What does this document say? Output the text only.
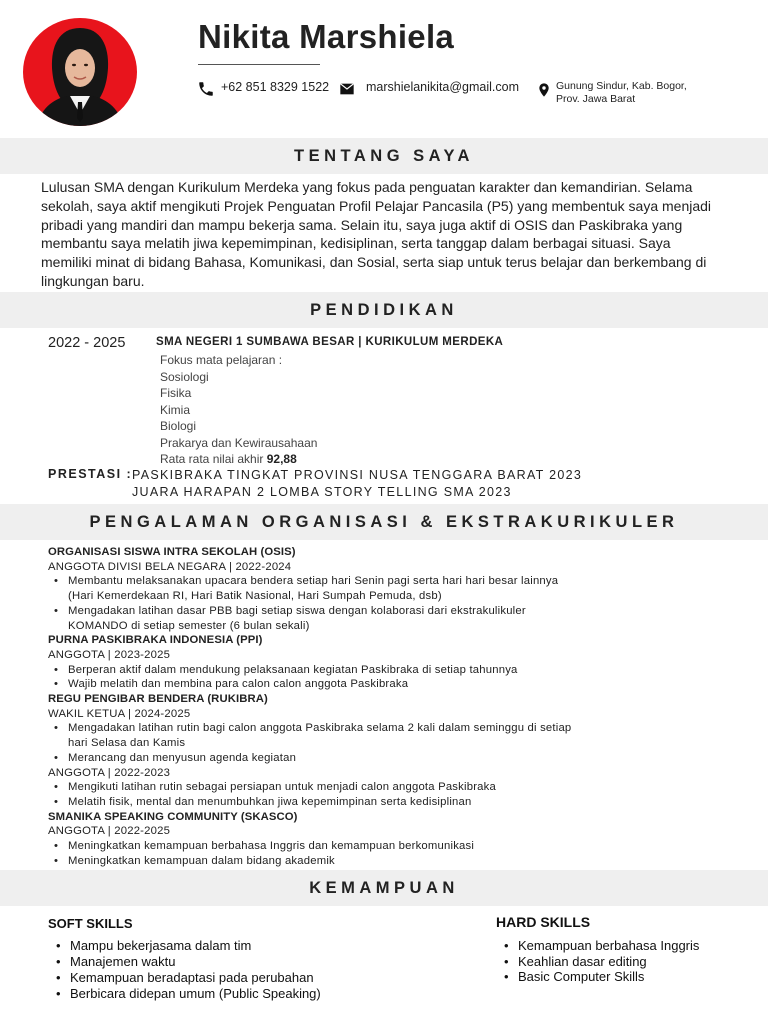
Nikita Marshiela
+62 851 8329 1522	marshielanikita@gmail.com	Gunung Sindur, Kab. Bogor,
Prov. Jawa Barat
TENTANG SAYA
Lulusan SMA dengan Kurikulum Merdeka yang fokus pada penguatan karakter dan kemandirian. Selama sekolah, saya aktif mengikuti Projek Penguatan Profil Pelajar Pancasila (P5) yang membentuk saya menjadi pribadi yang mandiri dan mampu bekerja sama. Selain itu, saya juga aktif di OSIS dan Paskibraka yang membantu saya melatih jiwa kepemimpinan, kedisiplinan, serta tanggap dalam berbagai situasi. Saya memiliki minat di bidang Bahasa, Komunikasi, dan Sosial, serta siap untuk terus belajar dan berkembang di lingkungan baru.
PENDIDIKAN
2022 - 2025	SMA NEGERI 1 SUMBAWA BESAR | KURIKULUM MERDEKA
Fokus mata pelajaran :
Sosiologi
Fisika
Kimia
Biologi
Prakarya dan Kewirausahaan
Rata rata nilai akhir 92,88
PRESTASI : PASKIBRAKA TINGKAT PROVINSI NUSA TENGGARA BARAT 2023
JUARA HARAPAN 2 LOMBA STORY TELLING SMA 2023
PENGALAMAN ORGANISASI & EKSTRAKURIKULER
ORGANISASI SISWA INTRA SEKOLAH (OSIS)
ANGGOTA DIVISI BELA NEGARA | 2022-2024
• Membantu melaksanakan upacara bendera setiap hari Senin pagi serta hari hari besar lainnya
(Hari Kemerdekaan RI, Hari Batik Nasional, Hari Sumpah Pemuda, dsb)
• Mengadakan latihan dasar PBB bagi setiap siswa dengan kolaborasi dari ekstrakulikuler
KOMANDO di setiap semester (6 bulan sekali)
PURNA PASKIBRAKA INDONESIA (PPI)
ANGGOTA | 2023-2025
• Berperan aktif dalam mendukung pelaksanaan kegiatan Paskibraka di setiap tahunnya
• Wajib melatih dan membina para calon calon anggota Paskibraka
REGU PENGIBAR BENDERA (RUKIBRA)
WAKIL KETUA | 2024-2025
• Mengadakan latihan rutin bagi calon anggota Paskibraka selama 2 kali dalam seminggu di setiap
hari Selasa dan Kamis
• Merancang dan menyusun agenda kegiatan
ANGGOTA | 2022-2023
• Mengikuti latihan rutin sebagai persiapan untuk menjadi calon anggota Paskibraka
• Melatih fisik, mental dan menumbuhkan jiwa kepemimpinan serta kedisiplinan
SMANIKA SPEAKING COMMUNITY (SKASCO)
ANGGOTA | 2022-2025
• Meningkatkan kemampuan berbahasa Inggris dan kemampuan berkomunikasi
• Meningkatkan kemampuan dalam bidang akademik
KEMAMPUAN
SOFT SKILLS
• Mampu bekerjasama dalam tim
• Manajemen waktu
• Kemampuan beradaptasi pada perubahan
• Berbicara didepan umum (Public Speaking)
HARD SKILLS
• Kemampuan berbahasa Inggris
• Keahlian dasar editing
• Basic Computer Skills
